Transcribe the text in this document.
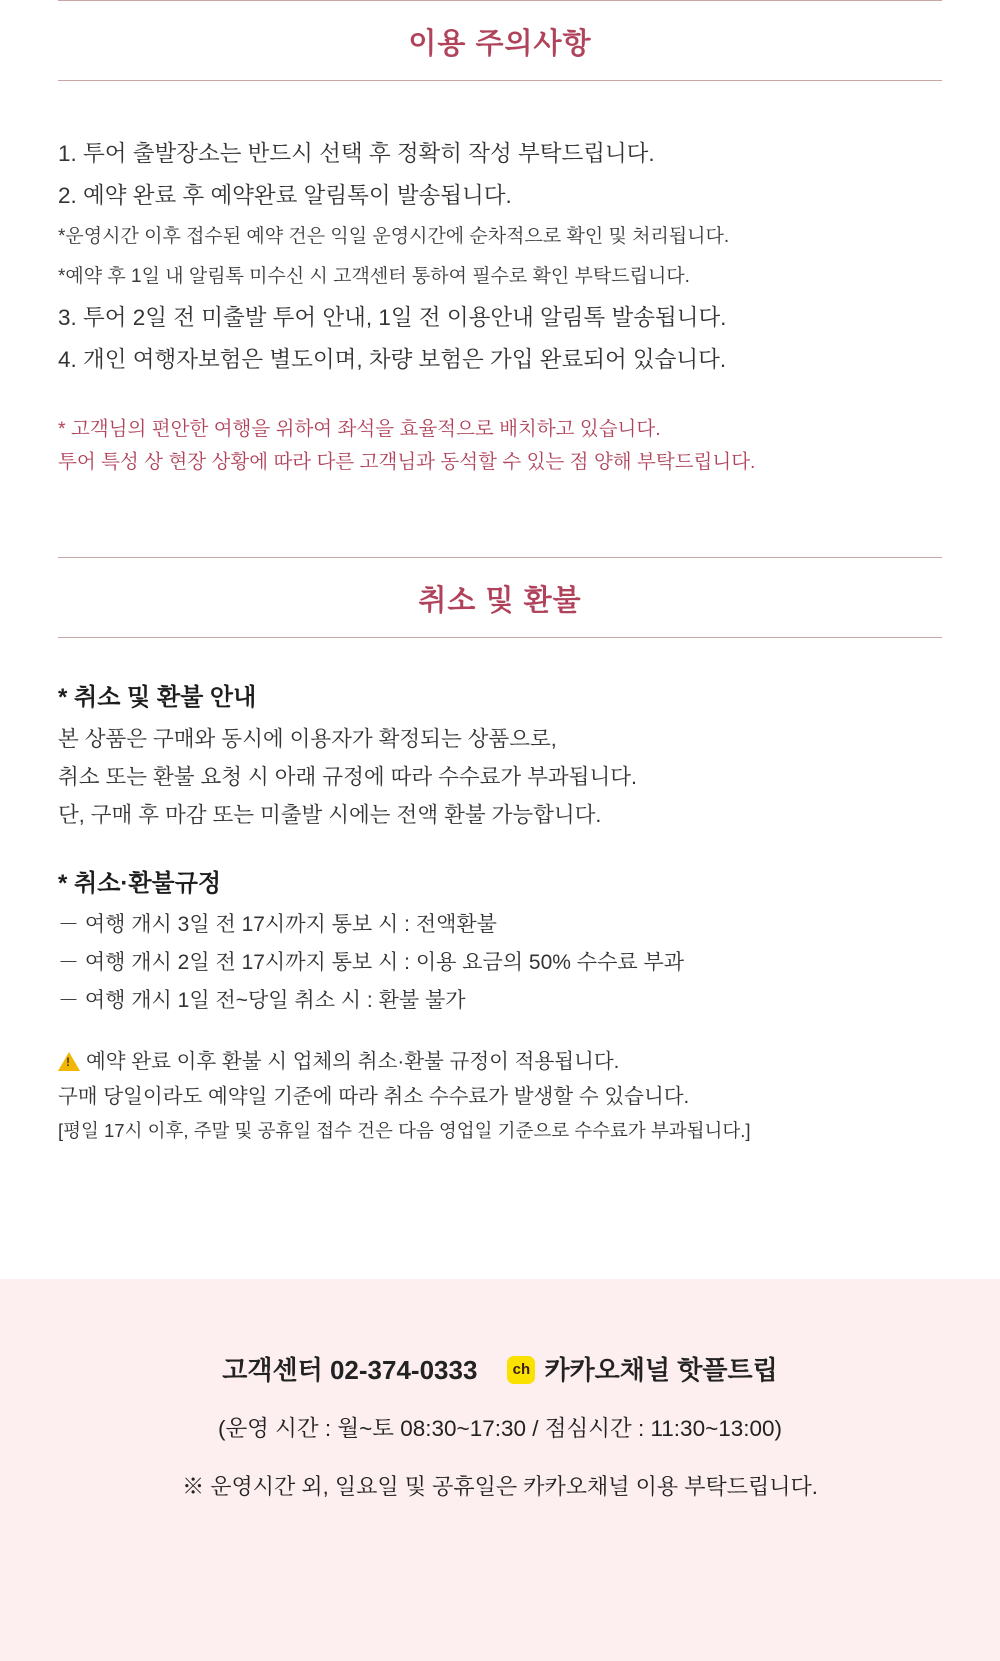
이용 주의사항
1. 투어 출발장소는 반드시 선택 후 정확히 작성 부탁드립니다.
2. 예약 완료 후 예약완료 알림톡이 발송됩니다.
*운영시간 이후 접수된 예약 건은 익일 운영시간에 순차적으로 확인 및 처리됩니다.
*예약 후 1일 내 알림톡 미수신 시 고객센터 통하여 필수로 확인 부탁드립니다.
3. 투어 2일 전 미출발 투어 안내, 1일 전 이용안내 알림톡 발송됩니다.
4. 개인 여행자보험은 별도이며, 차량 보험은 가입 완료되어 있습니다.
* 고객님의 편안한 여행을 위하여 좌석을 효율적으로 배치하고 있습니다.
투어 특성 상 현장 상황에 따라 다른 고객님과 동석할 수 있는 점 양해 부탁드립니다.
취소 및 환불
* 취소 및 환불 안내
본 상품은 구매와 동시에 이용자가 확정되는 상품으로,
취소 또는 환불 요청 시 아래 규정에 따라 수수료가 부과됩니다.
단, 구매 후 마감 또는 미출발 시에는 전액 환불 가능합니다.
* 취소·환불규정
－ 여행 개시 3일 전 17시까지 통보 시 : 전액환불
－ 여행 개시 2일 전 17시까지 통보 시 : 이용 요금의 50% 수수료 부과
－ 여행 개시 1일 전~당일 취소 시 : 환불 불가
!예약 완료 이후 환불 시 업체의 취소·환불 규정이 적용됩니다.
구매 당일이라도 예약일 기준에 따라 취소 수수료가 발생할 수 있습니다.
[평일 17시 이후, 주말 및 공휴일 접수 건은 다음 영업일 기준으로 수수료가 부과됩니다.]
고객센터 02-374-0333	ch 카카오채널 핫플트립
(운영 시간 : 월~토 08:30~17:30 / 점심시간 : 11:30~13:00)
※ 운영시간 외, 일요일 및 공휴일은 카카오채널 이용 부탁드립니다.
